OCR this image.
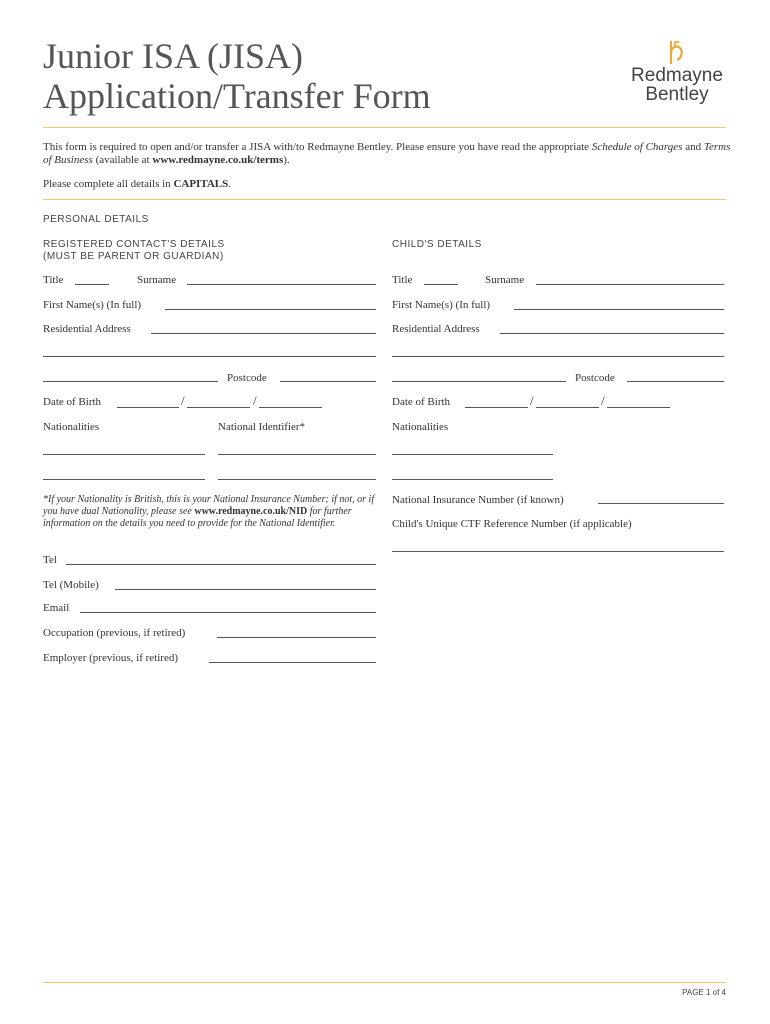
Junior ISA (JISA)
Application/Transfer Form
Redmayne
Bentley
This form is required to open and/or transfer a JISA with/to Redmayne Bentley. Please ensure you have read the appropriate Schedule of Charges and Terms of Business (available at www.redmayne.co.uk/terms).
Please complete all details in CAPITALS.
PERSONAL DETAILS
REGISTERED CONTACT'S DETAILS
(MUST BE PARENT OR GUARDIAN)
CHILD'S DETAILS
Title	Surname
First Name(s) (In full)
Residential Address
Postcode
Date of Birth	/	/
Nationalities	National Identifier*
*If your Nationality is British, this is your National Insurance Number; if not, or if you have dual Nationality, please see www.redmayne.co.uk/NID for further information on the details you need to provide for the National Identifier.
Tel
Tel (Mobile)
Email
Occupation (previous, if retired)
Employer (previous, if retired)
Title	Surname
First Name(s) (In full)
Residential Address
Postcode
Date of Birth	/	/
Nationalities
National Insurance Number (if known)
Child's Unique CTF Reference Number (if applicable)
PAGE 1 of 4
